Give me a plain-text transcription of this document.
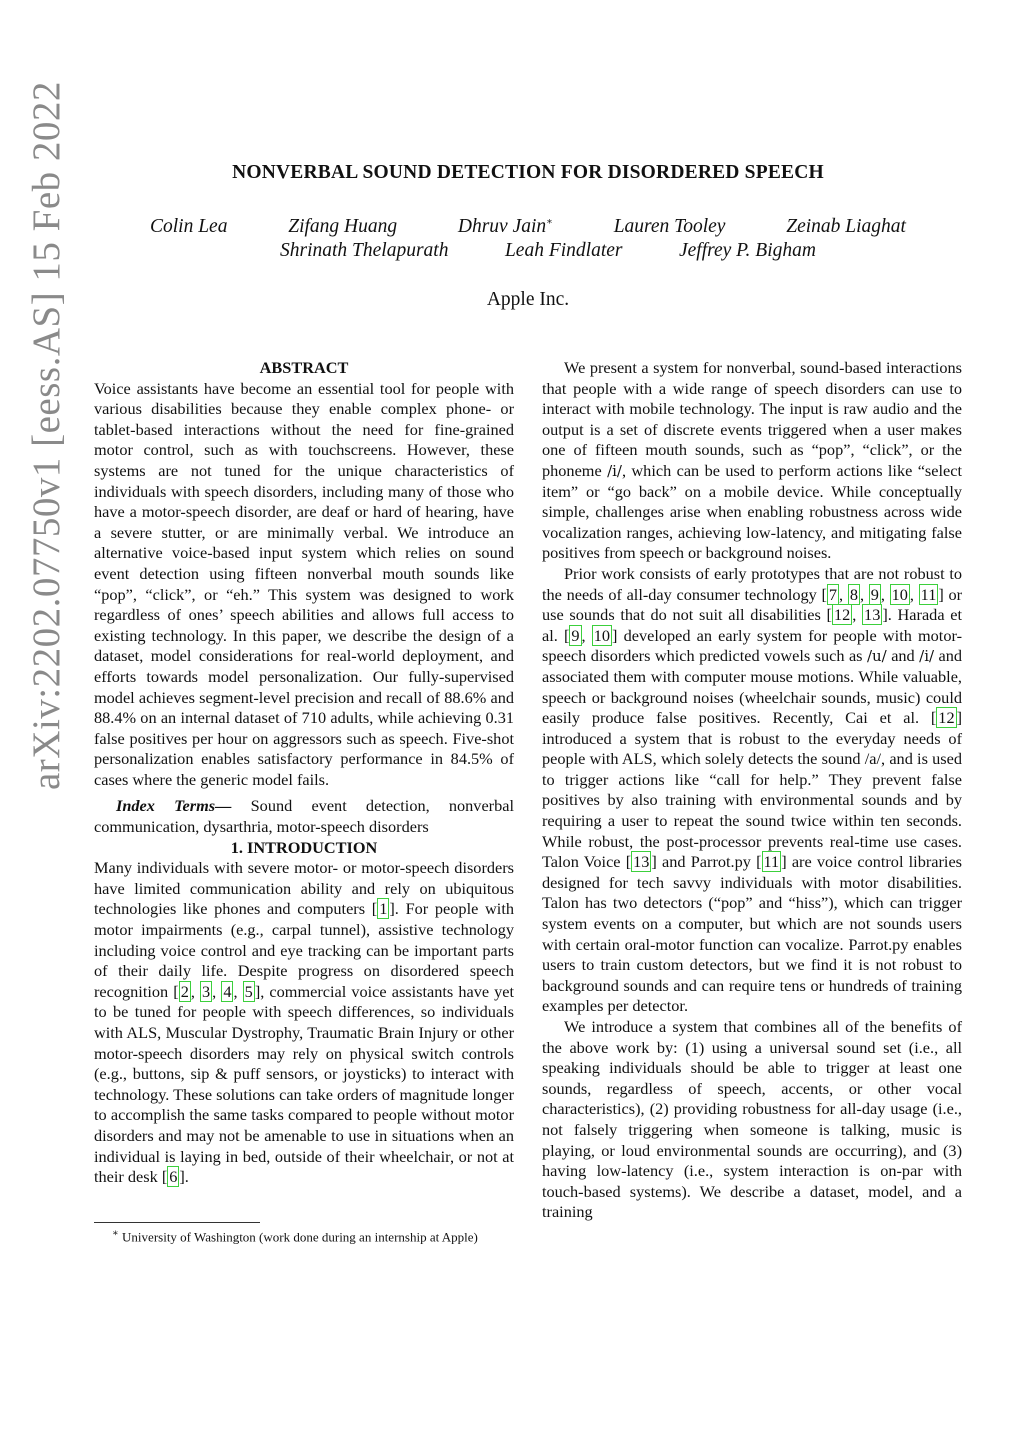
arXiv:2202.07750v1 [eess.AS] 15 Feb 2022	NONVERBAL SOUND DETECTION FOR DISORDERED SPEECH
Colin Lea	Zifang Huang	Dhruv Jain∗	Lauren Tooley	Zeinab Liaghat
Shrinath Thelapurath	Leah Findlater	Jeffrey P. Bigham
Apple Inc.

ABSTRACT

Voice assistants have become an essential tool for people with various disabilities because they enable complex phone- or tablet-based interactions without the need for fine-grained motor control, such as with touchscreens. However, these systems are not tuned for the unique characteristics of individuals with speech disorders, including many of those who have a motor-speech disorder, are deaf or hard of hearing, have a severe stutter, or are minimally verbal. We introduce an alternative voice-based input system which relies on sound event detection using fifteen nonverbal mouth sounds like “pop”, “click”, or “eh.” This system was designed to work regardless of ones’ speech abilities and allows full access to existing technology. In this paper, we describe the design of a dataset, model considerations for real-world deployment, and efforts towards model personalization. Our fully-supervised model achieves segment-level precision and recall of 88.6% and 88.4% on an internal dataset of 710 adults, while achieving 0.31 false positives per hour on aggressors such as speech. Five-shot personalization enables satisfactory performance in 84.5% of cases where the generic model fails.

Index Terms— Sound event detection, nonverbal communication, dysarthria, motor-speech disorders

1. INTRODUCTION

Many individuals with severe motor- or motor-speech disorders have limited communication ability and rely on ubiquitous technologies like phones and computers [ 1 ]. For people with motor impairments (e.g., carpal tunnel), assistive technology including voice control and eye tracking can be important parts of their daily life. Despite progress on disordered speech recognition [ 2 , 3 , 4 , 5 ], commercial voice assistants have yet to be tuned for people with speech differences, so individuals with ALS, Muscular Dystrophy, Traumatic Brain Injury or other motor-speech disorders may rely on physical switch controls (e.g., buttons, sip & puff sensors, or joysticks) to interact with technology. These solutions can take orders of magnitude longer to accomplish the same tasks compared to people without motor disorders and may not be amenable to use in situations when an individual is laying in bed, outside of their wheelchair, or not at their desk [ 6 ].

We present a system for nonverbal, sound-based interactions that people with a wide range of speech disorders can use to interact with mobile technology. The input is raw audio and the output is a set of discrete events triggered when a user makes one of fifteen mouth sounds, such as “pop”, “click”, or the phoneme /i/, which can be used to perform actions like “select item” or “go back” on a mobile device. While conceptually simple, challenges arise when enabling robustness across wide vocalization ranges, achieving low-latency, and mitigating false positives from speech or background noises.

Prior work consists of early prototypes that are not robust to the needs of all-day consumer technology [ 7 , 8 , 9 , 10 , 11 ] or use sounds that do not suit all disabilities [ 12 , 13 ]. Harada et al. [ 9 , 10 ] developed an early system for people with motor-speech disorders which predicted vowels such as /u/ and /i/ and associated them with computer mouse motions. While valuable, speech or background noises (wheelchair sounds, music) could easily produce false positives. Recently, Cai et al. [ 12 ] introduced a system that is robust to the everyday needs of people with ALS, which solely detects the sound /a/, and is used to trigger actions like “call for help.” They prevent false positives by also training with environmental sounds and by requiring a user to repeat the sound twice within ten seconds. While robust, the post-processor prevents real-time use cases. Talon Voice [ 13 ] and Parrot.py [ 11 ] are voice control libraries designed for tech savvy individuals with motor disabilities. Talon has two detectors (“pop” and “hiss”), which can trigger system events on a computer, but which are not sounds users with certain oral-motor function can vocalize. Parrot.py enables users to train custom detectors, but we find it is not robust to background sounds and can require tens or hundreds of training examples per detector.

We introduce a system that combines all of the benefits of the above work by: (1) using a universal sound set (i.e., all speaking individuals should be able to trigger at least one sounds, regardless of speech, accents, or other vocal characteristics), (2) providing robustness for all-day usage (i.e., not falsely triggering when someone is talking, music is playing, or loud environmental sounds are occurring), and (3) having low-latency (i.e., system interaction is on-par with touch-based systems). We describe a dataset, model, and a training

∗ University of Washington (work done during an internship at Apple)
